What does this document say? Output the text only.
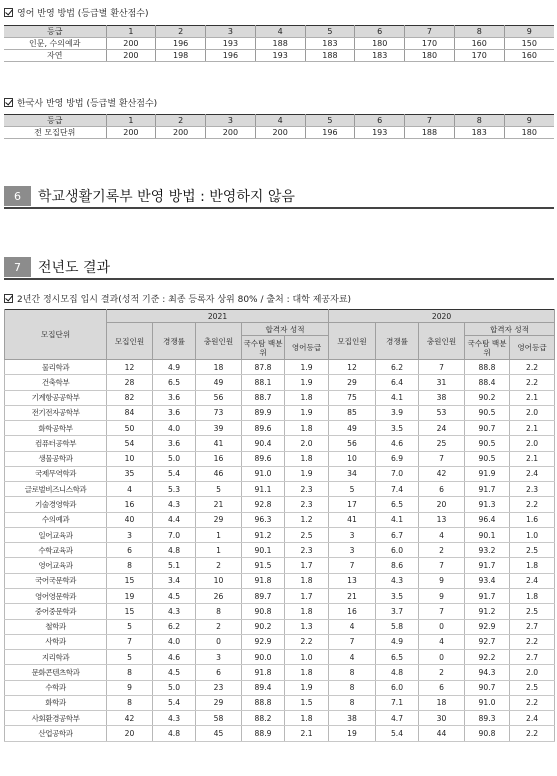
영어 반영 방법 (등급별 환산점수)
등급	1	2	3	4	5	6	7	8	9
인문, 수의예과	200	196	193	188	183	180	170	160	150
자연	200	198	196	193	188	183	180	170	160
한국사 반영 방법 (등급별 환산점수)
등급	1	2	3	4	5	6	7	8	9
전 모집단위	200	200	200	200	196	193	188	183	180
6	학교생활기록부 반영 방법 : 반영하지 않음
7	전년도 결과
2년간 정시모집 입시 결과(성적 기준 : 최종 등록자 상위 80% / 출처 : 대학 제공자료)
모집단위	2021					2020				
	모집인원	경쟁률	충원인원	합격자 성적		모집인원	경쟁률	충원인원	합격자 성적	
				국수탐 백분위	영어등급				국수탐 백분위	영어등급
물리학과	12	4.9	18	87.8	1.9	12	6.2	7	88.8	2.2
건축학부	28	6.5	49	88.1	1.9	29	6.4	31	88.4	2.2
기계항공공학부	82	3.6	56	88.7	1.8	75	4.1	38	90.2	2.1
전기전자공학부	84	3.6	73	89.9	1.9	85	3.9	53	90.5	2.0
화학공학부	50	4.0	39	89.6	1.8	49	3.5	24	90.7	2.1
컴퓨터공학부	54	3.6	41	90.4	2.0	56	4.6	25	90.5	2.0
생물공학과	10	5.0	16	89.6	1.8	10	6.9	7	90.5	2.1
국제무역학과	35	5.4	46	91.0	1.9	34	7.0	42	91.9	2.4
글로벌비즈니스학과	4	5.3	5	91.1	2.3	5	7.4	6	91.7	2.3
기술경영학과	16	4.3	21	92.8	2.3	17	6.5	20	91.3	2.2
수의예과	40	4.4	29	96.3	1.2	41	4.1	13	96.4	1.6
일어교육과	3	7.0	1	91.2	2.5	3	6.7	4	90.1	1.0
수학교육과	6	4.8	1	90.1	2.3	3	6.0	2	93.2	2.5
영어교육과	8	5.1	2	91.5	1.7	7	8.6	7	91.7	1.8
국어국문학과	15	3.4	10	91.8	1.8	13	4.3	9	93.4	2.4
영어영문학과	19	4.5	26	89.7	1.7	21	3.5	9	91.7	1.8
중어중문학과	15	4.3	8	90.8	1.8	16	3.7	7	91.2	2.5
철학과	5	6.2	2	90.2	1.3	4	5.8	0	92.9	2.7
사학과	7	4.0	0	92.9	2.2	7	4.9	4	92.7	2.2
지리학과	5	4.6	3	90.0	1.0	4	6.5	0	92.2	2.7
문화콘텐츠학과	8	4.5	6	91.8	1.8	8	4.8	2	94.3	2.0
수학과	9	5.0	23	89.4	1.9	8	6.0	6	90.7	2.5
화학과	8	5.4	29	88.8	1.5	8	7.1	18	91.0	2.2
사회환경공학부	42	4.3	58	88.2	1.8	38	4.7	30	89.3	2.4
산업공학과	20	4.8	45	88.9	2.1	19	5.4	44	90.8	2.2
